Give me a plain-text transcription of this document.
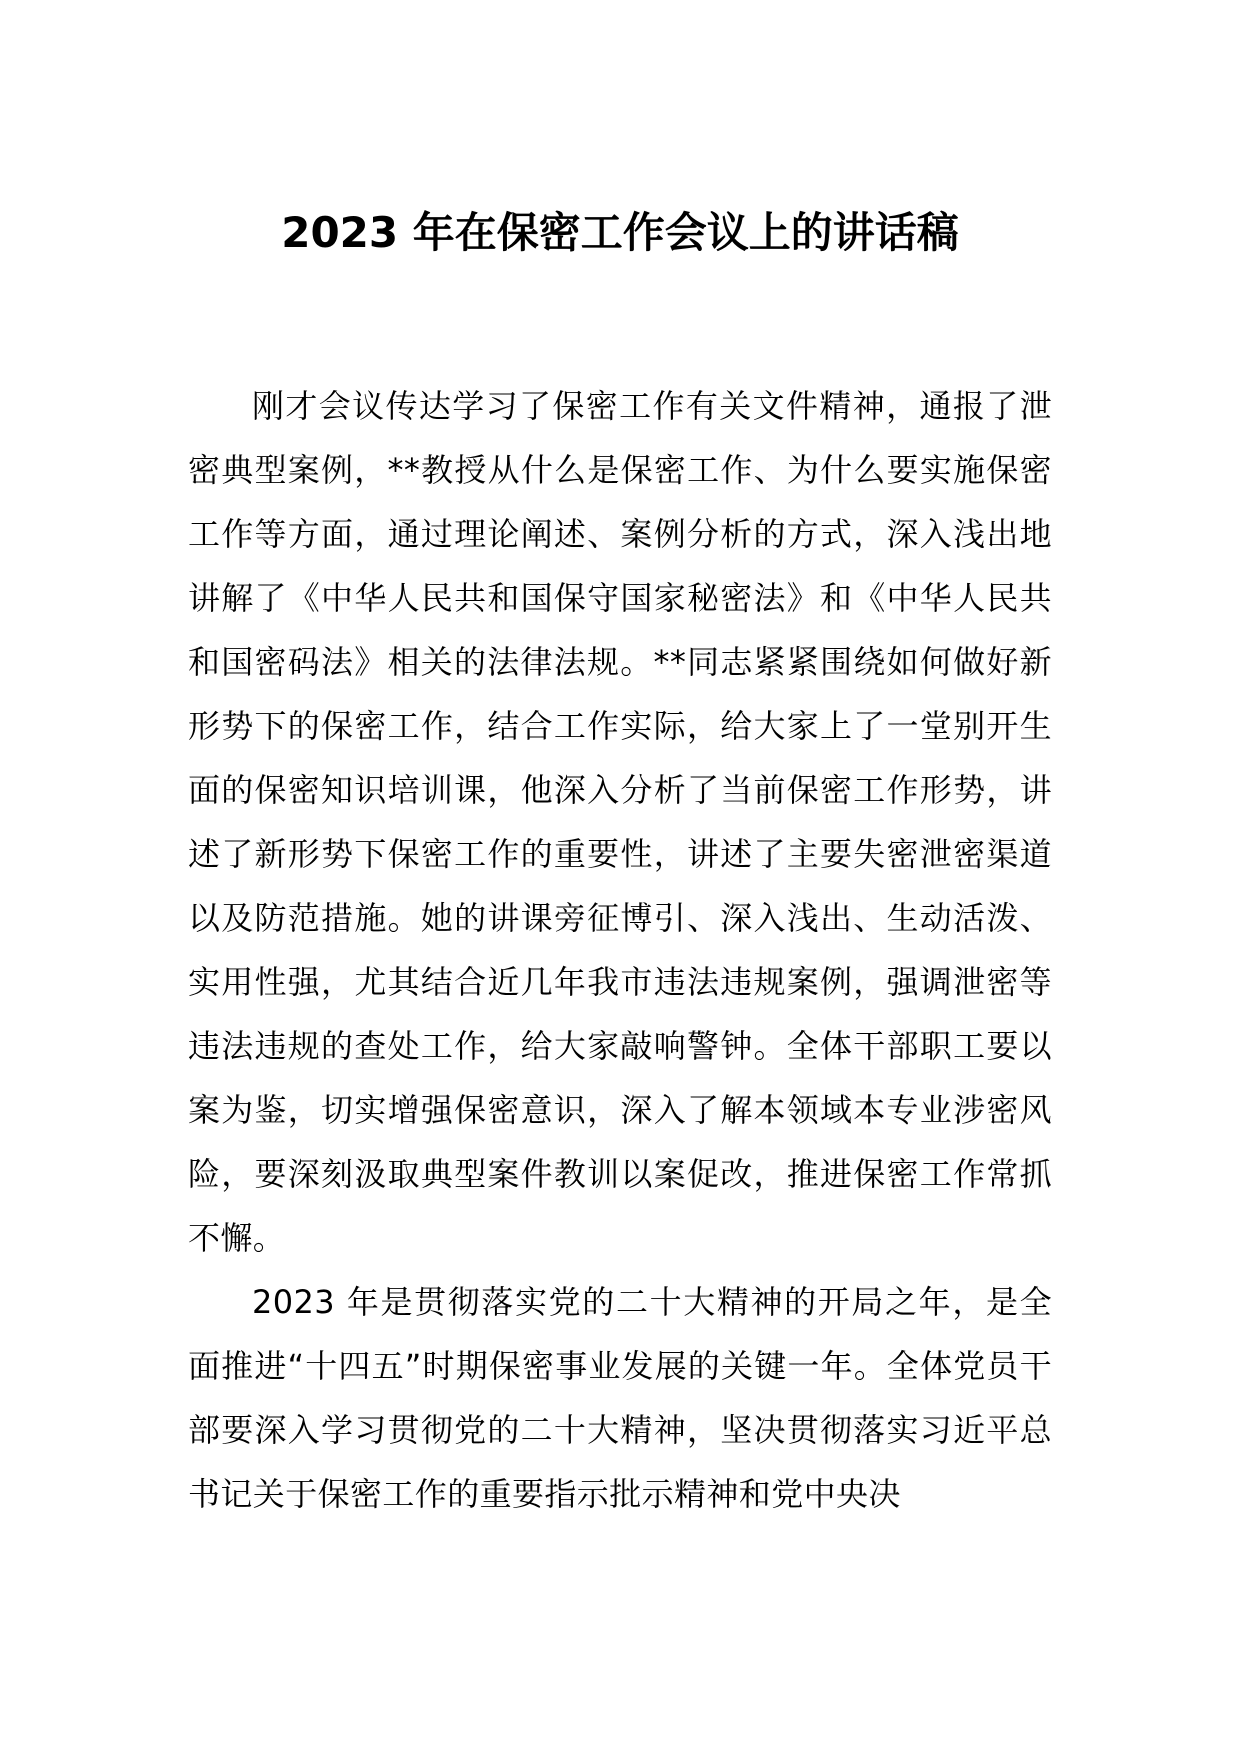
2023 年在保密工作会议上的讲话稿

刚才会议传达学习了保密工作有关文件精神，通报了泄密典型案例，**教授从什么是保密工作、为什么要实施保密工作等方面，通过理论阐述、案例分析的方式，深入浅出地讲解了《中华人民共和国保守国家秘密法》和《中华人民共和国密码法》相关的法律法规。**同志紧紧围绕如何做好新形势下的保密工作，结合工作实际，给大家上了一堂别开生面的保密知识培训课，他深入分析了当前保密工作形势，讲述了新形势下保密工作的重要性，讲述了主要失密泄密渠道以及防范措施。她的讲课旁征博引、深入浅出、生动活泼、实用性强，尤其结合近几年我市违法违规案例，强调泄密等违法违规的查处工作，给大家敲响警钟。全体干部职工要以案为鉴，切实增强保密意识，深入了解本领域本专业涉密风险，要深刻汲取典型案件教训以案促改，推进保密工作常抓不懈。

2023 年是贯彻落实党的二十大精神的开局之年，是全面推进“十四五”时期保密事业发展的关键一年。全体党员干部要深入学习贯彻党的二十大精神，坚决贯彻落实习近平总书记关于保密工作的重要指示批示精神和党中央决
